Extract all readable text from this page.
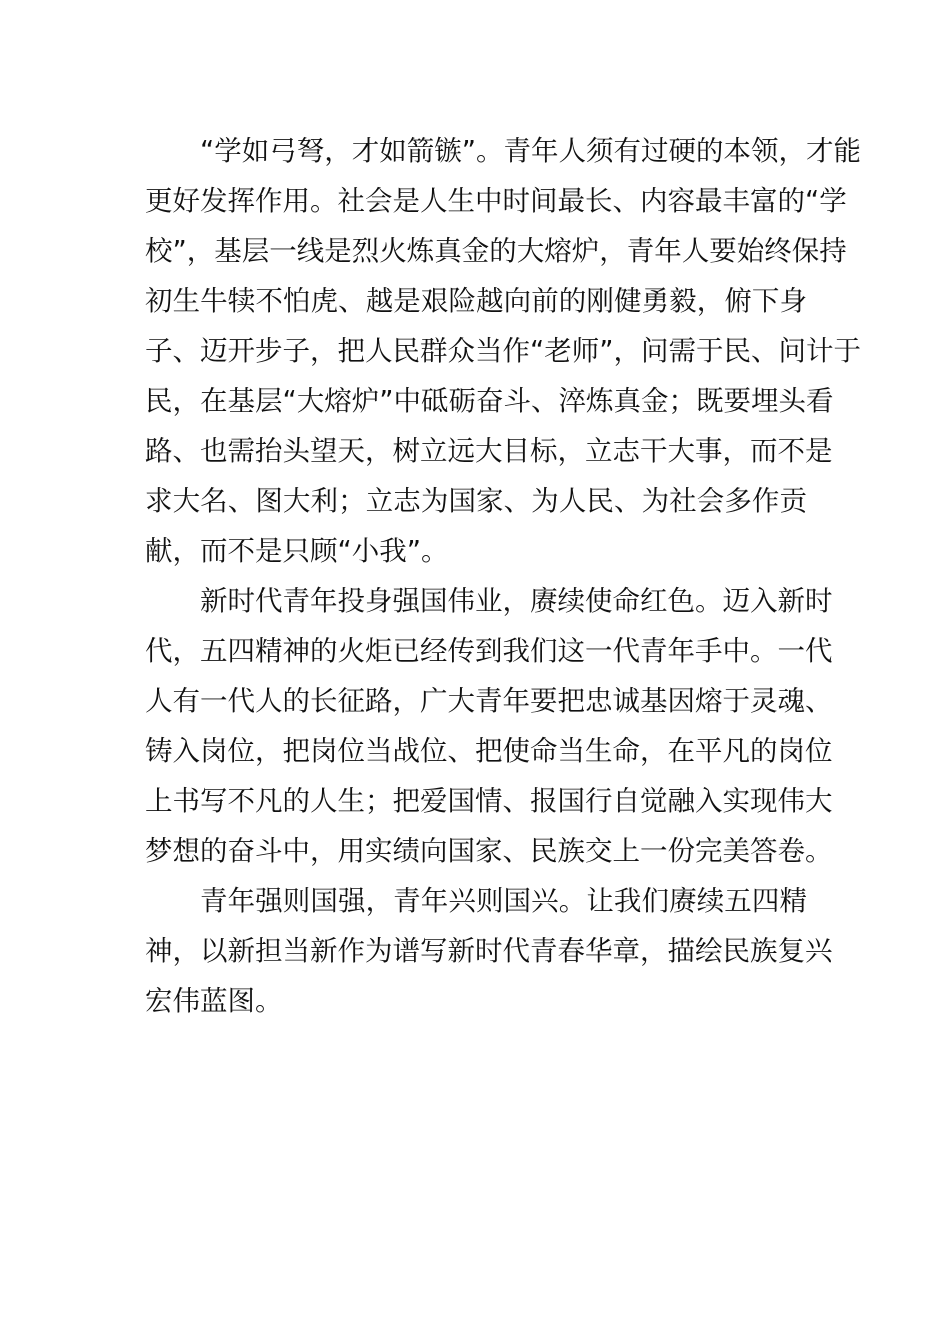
“学如弓弩，才如箭镞”。青年人须有过硬的本领，才能
更好发挥作用。社会是人生中时间最长、内容最丰富的“学
校”，基层一线是烈火炼真金的大熔炉，青年人要始终保持
初生牛犊不怕虎、越是艰险越向前的刚健勇毅，俯下身
子、迈开步子，把人民群众当作“老师”，问需于民、问计于
民，在基层“大熔炉”中砥砺奋斗、淬炼真金；既要埋头看
路、也需抬头望天，树立远大目标，立志干大事，而不是
求大名、图大利；立志为国家、为人民、为社会多作贡
献，而不是只顾“小我”。
新时代青年投身强国伟业，赓续使命红色。迈入新时
代，五四精神的火炬已经传到我们这一代青年手中。一代
人有一代人的长征路，广大青年要把忠诚基因熔于灵魂、
铸入岗位，把岗位当战位、把使命当生命，在平凡的岗位
上书写不凡的人生；把爱国情、报国行自觉融入实现伟大
梦想的奋斗中，用实绩向国家、民族交上一份完美答卷。
青年强则国强，青年兴则国兴。让我们赓续五四精
神，以新担当新作为谱写新时代青春华章，描绘民族复兴
宏伟蓝图。
